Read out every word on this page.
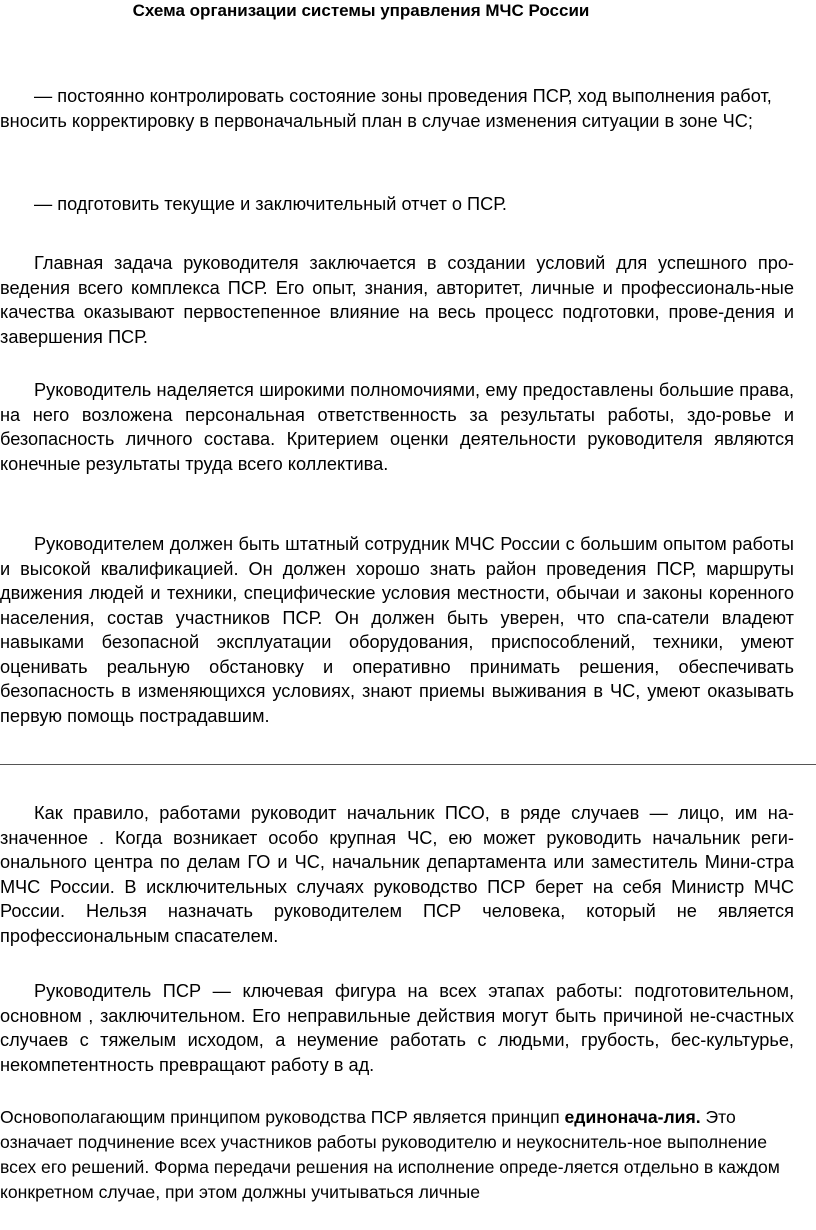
Схема организации системы управления МЧС России
— постоянно контролировать состояние зоны проведения ПСР, ход выполнения работ, вносить корректировку в первоначальный план в случае изменения ситуации в зоне ЧС;
— подготовить текущие и заключительный отчет о ПСР.
Главная задача руководителя заключается в создании условий для успешного про-ведения всего комплекса ПСР. Его опыт, знания, авторитет, личные и профессиональ-ные качества оказывают первостепенное влияние на весь процесс подготовки, прове-дения и завершения ПСР.
Руководитель наделяется широкими полномочиями, ему предоставлены большие права, на него возложена персональная ответственность за результаты работы, здо-ровье и безопасность личного состава. Критерием оценки деятельности руководителя являются конечные результаты труда всего коллектива.
Руководителем должен быть штатный сотрудник МЧС России с большим опытом работы и высокой квалификацией. Он должен хорошо знать район проведения ПСР, маршруты движения людей и техники, специфические условия местности, обычаи и законы коренного населения, состав участников ПСР. Он должен быть уверен, что спа-сатели владеют навыками безопасной эксплуатации оборудования, приспособлений, техники, умеют оценивать реальную обстановку и оперативно принимать решения, обеспечивать безопасность в изменяющихся условиях, знают приемы выживания в ЧС, умеют оказывать первую помощь пострадавшим.
Как правило, работами руководит начальник ПСО, в ряде случаев — лицо, им на-значенное . Когда возникает особо крупная ЧС, ею может руководить начальник реги-онального центра по делам ГО и ЧС, начальник департамента или заместитель Мини-стра МЧС России. В исключительных случаях руководство ПСР берет на себя Министр МЧС России. Нельзя назначать руководителем ПСР человека, который не является профессиональным спасателем.
Руководитель ПСР — ключевая фигура на всех этапах работы: подготовительном, основном , заключительном. Его неправильные действия могут быть причиной не-счастных случаев с тяжелым исходом, а неумение работать с людьми, грубость, бес-культурье, некомпетентность превращают работу в ад.
Основополагающим принципом руководства ПСР является принцип единонача-лия. Это означает подчинение всех участников работы руководителю и неукоснитель-ное выполнение всех его решений. Форма передачи решения на исполнение опреде-ляется отдельно в каждом конкретном случае, при этом должны учитываться личные
